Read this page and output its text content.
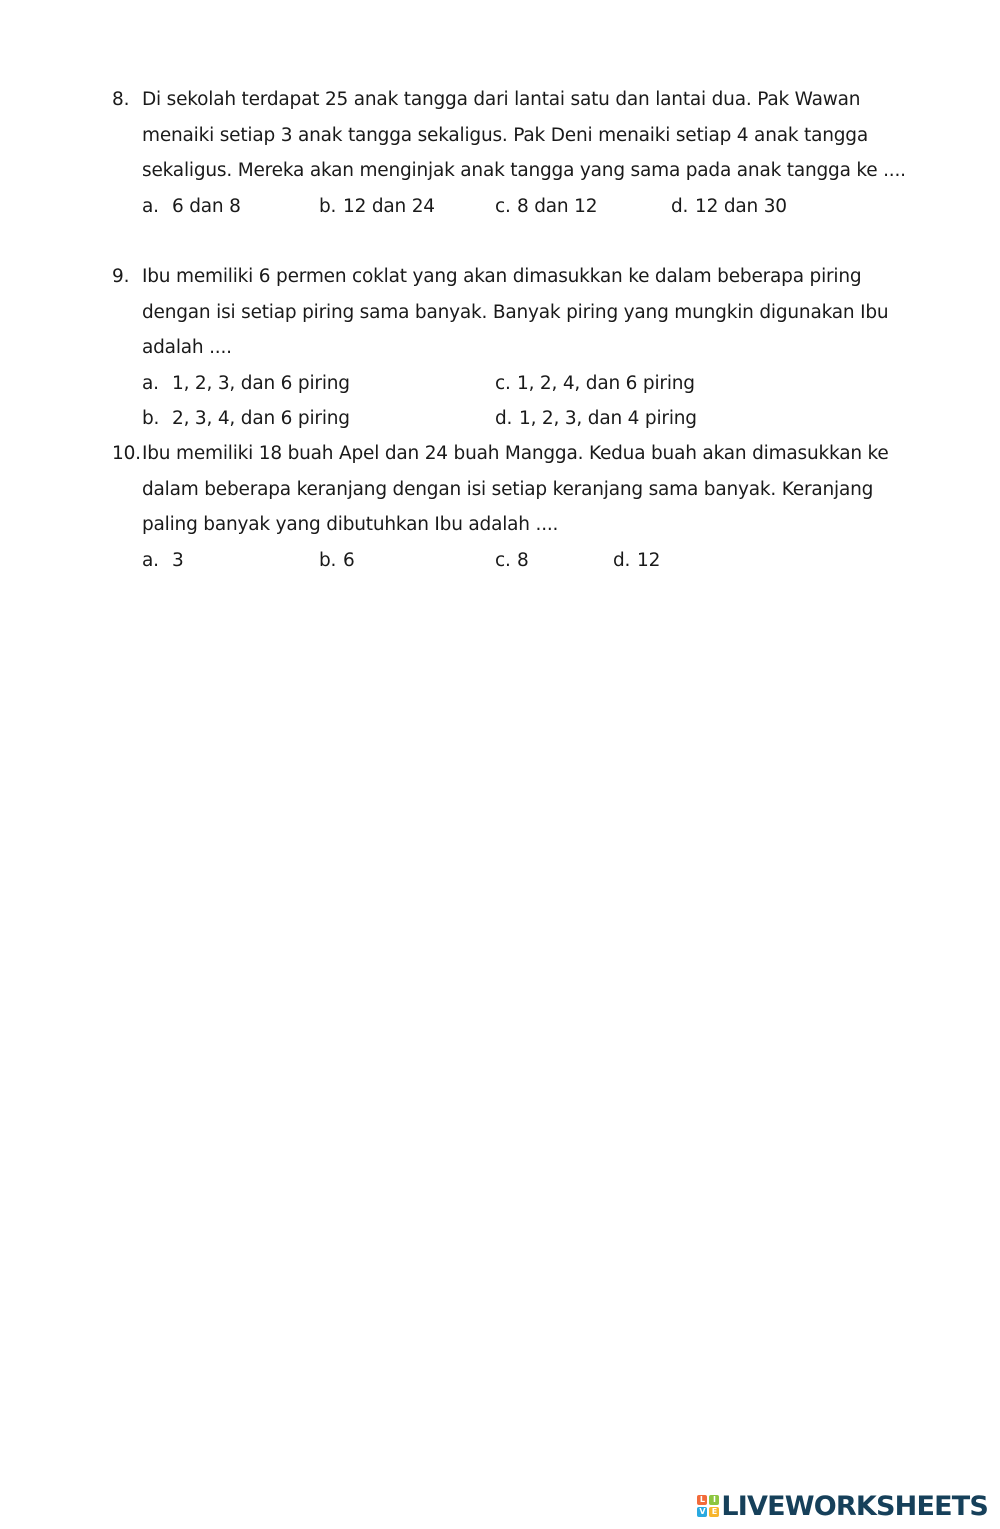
8. Di sekolah terdapat 25 anak tangga dari lantai satu dan lantai dua. Pak Wawan menaiki setiap 3 anak tangga sekaligus. Pak Deni menaiki setiap 4 anak tangga sekaligus. Mereka akan menginjak anak tangga yang sama pada anak tangga ke ....
a. 6 dan 8	b. 12 dan 24	c. 8 dan 12	d. 12 dan 30
9. Ibu memiliki 6 permen coklat yang akan dimasukkan ke dalam beberapa piring dengan isi setiap piring sama banyak. Banyak piring yang mungkin digunakan Ibu adalah ....
a. 1, 2, 3, dan 6 piring	c. 1, 2, 4, dan 6 piring
b. 2, 3, 4, dan 6 piring	d. 1, 2, 3, dan 4 piring
10. Ibu memiliki 18 buah Apel dan 24 buah Mangga. Kedua buah akan dimasukkan ke dalam beberapa keranjang dengan isi setiap keranjang sama banyak. Keranjang paling banyak yang dibutuhkan Ibu adalah ....
a. 3	b. 6	c. 8	d. 12
L	I
V E LIVEWORKSHEETS
